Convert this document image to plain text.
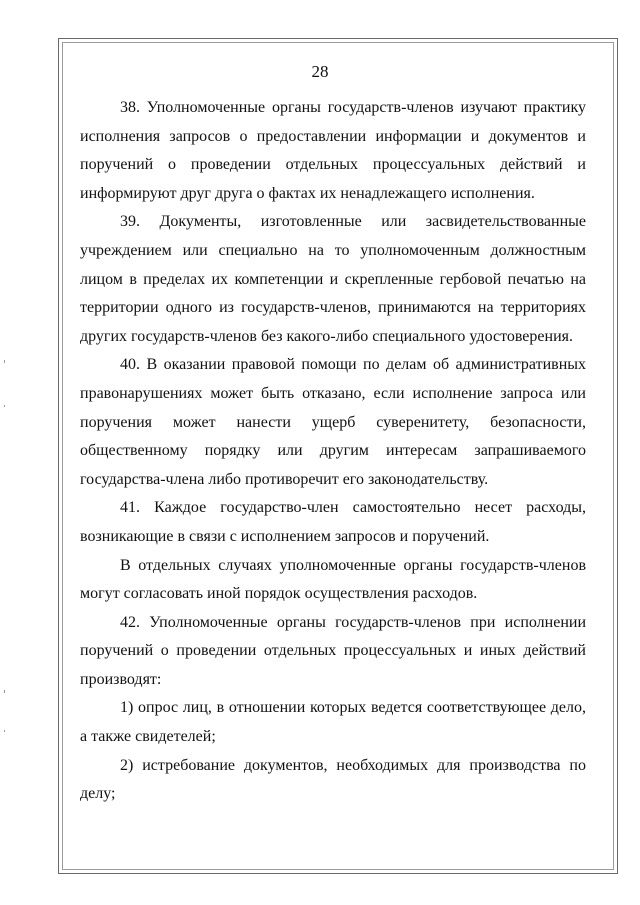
28

38. Уполномоченные органы государств-членов изучают практику исполнения запросов о предоставлении информации и документов и поручений о проведении отдельных процессуальных действий и информируют друг друга о фактах их ненадлежащего исполнения.

39. Документы, изготовленные или засвидетельствованные учреждением или специально на то уполномоченным должностным лицом в пределах их компетенции и скрепленные гербовой печатью на территории одного из государств-членов, принимаются на территориях других государств-членов без какого-либо специального удостоверения.

40. В оказании правовой помощи по делам об административных правонарушениях может быть отказано, если исполнение запроса или поручения может нанести ущерб суверенитету, безопасности, общественному порядку или другим интересам запрашиваемого государства-члена либо противоречит его законодательству.

41. Каждое государство-член самостоятельно несет расходы, возникающие в связи с исполнением запросов и поручений.

В отдельных случаях уполномоченные органы государств-членов могут согласовать иной порядок осуществления расходов.

42. Уполномоченные органы государств-членов при исполнении поручений о проведении отдельных процессуальных и иных действий производят:

1) опрос лиц, в отношении которых ведется соответствующее дело, а также свидетелей;

2) истребование документов, необходимых для производства по делу;
